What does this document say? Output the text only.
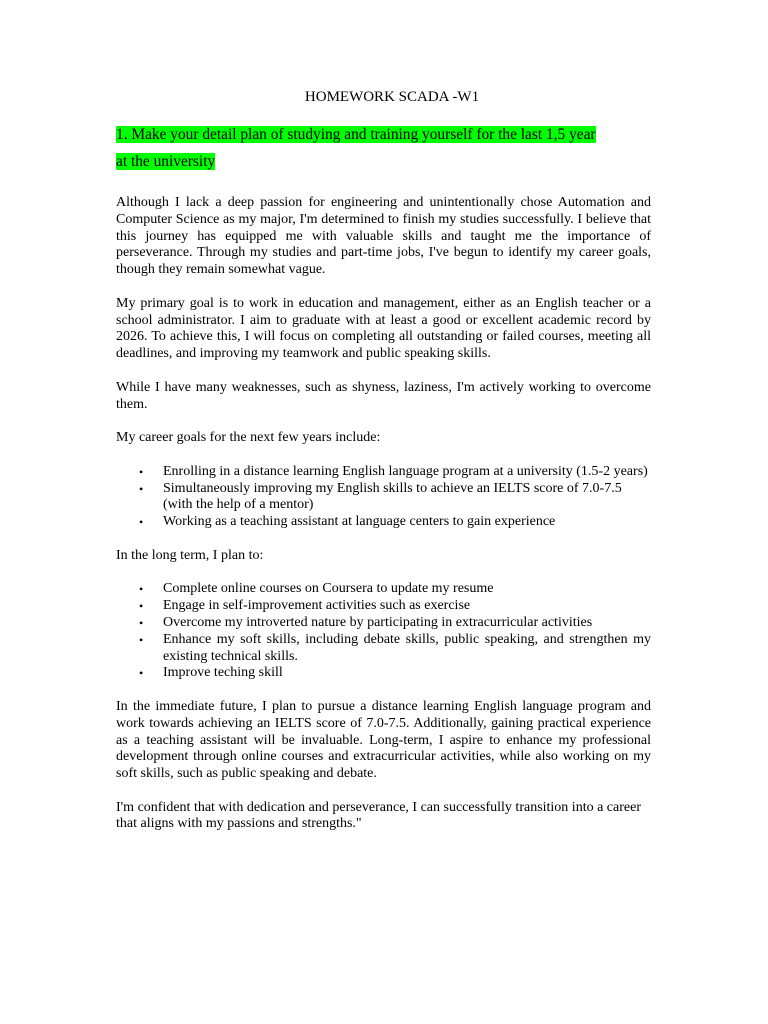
HOMEWORK SCADA -W1

1. Make your detail plan of studying and training yourself for the last 1,5 year
at the university

Although I lack a deep passion for engineering and unintentionally chose Automation and Computer Science as my major, I'm determined to finish my studies successfully. I believe that this journey has equipped me with valuable skills and taught me the importance of perseverance. Through my studies and part-time jobs, I've begun to identify my career goals, though they remain somewhat vague.

My primary goal is to work in education and management, either as an English teacher or a school administrator. I aim to graduate with at least a good or excellent academic record by 2026. To achieve this, I will focus on completing all outstanding or failed courses, meeting all deadlines, and improving my teamwork and public speaking skills.

While I have many weaknesses, such as shyness, laziness, I'm actively working to overcome them.

My career goals for the next few years include:

• Enrolling in a distance learning English language program at a university (1.5-2 years)
• Simultaneously improving my English skills to achieve an IELTS score of 7.0-7.5 (with the help of a mentor)
• Working as a teaching assistant at language centers to gain experience

In the long term, I plan to:

• Complete online courses on Coursera to update my resume
• Engage in self-improvement activities such as exercise
• Overcome my introverted nature by participating in extracurricular activities
• Enhance my soft skills, including debate skills, public speaking, and strengthen my existing technical skills.
• Improve teching skill

In the immediate future, I plan to pursue a distance learning English language program and work towards achieving an IELTS score of 7.0-7.5. Additionally, gaining practical experience as a teaching assistant will be invaluable. Long-term, I aspire to enhance my professional development through online courses and extracurricular activities, while also working on my soft skills, such as public speaking and debate.

I'm confident that with dedication and perseverance, I can successfully transition into a career that aligns with my passions and strengths."
